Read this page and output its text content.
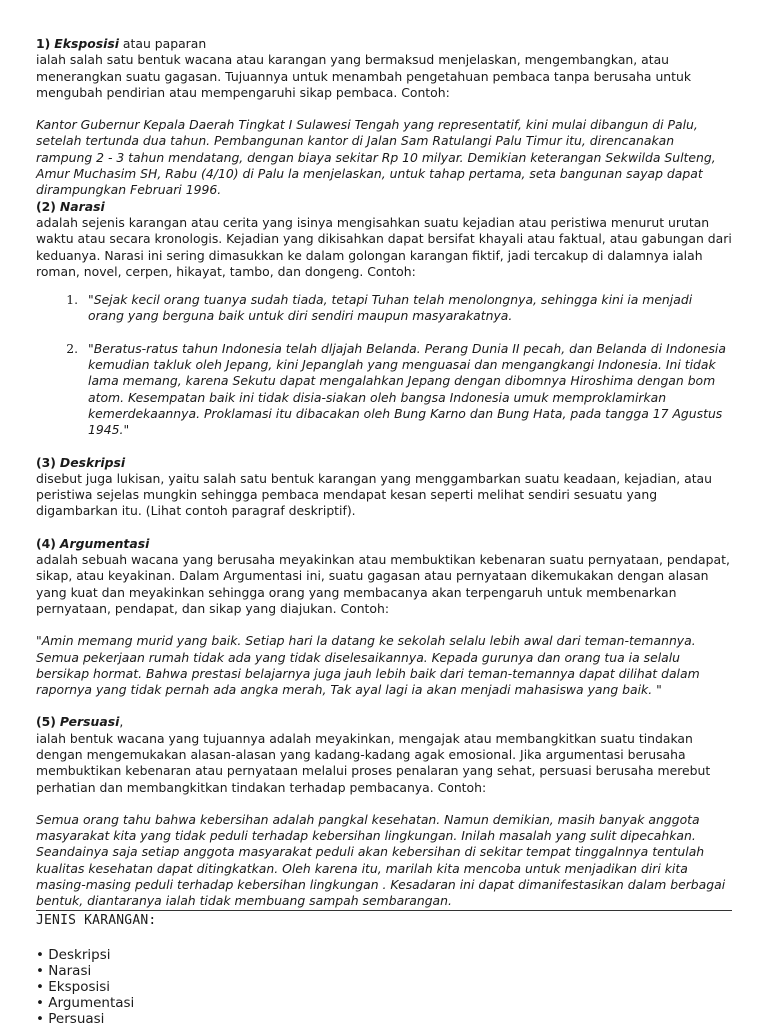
1) Eksposisi atau paparan

ialah salah satu bentuk wacana atau karangan yang bermaksud menjelaskan, mengembangkan, atau menerangkan suatu gagasan. Tujuannya untuk menambah pengetahuan pembaca tanpa berusaha untuk mengubah pendirian atau mempengaruhi sikap pembaca. Contoh:

Kantor Gubernur Kepala Daerah Tingkat I Sulawesi Tengah yang representatif, kini mulai dibangun di Palu, setelah tertunda dua tahun. Pembangunan kantor di Jalan Sam Ratulangi Palu Timur itu, direncanakan rampung 2 - 3 tahun mendatang, dengan biaya sekitar Rp 10 milyar. Demikian keterangan Sekwilda Sulteng, Amur Muchasim SH, Rabu (4/10) di Palu la menjelaskan, untuk tahap pertama, seta bangunan sayap dapat dirampungkan Februari 1996.

(2) Narasi

adalah sejenis karangan atau cerita yang isinya mengisahkan suatu kejadian atau peristiwa menurut urutan waktu atau secara kronologis. Kejadian yang dikisahkan dapat bersifat khayali atau faktual, atau gabungan dari keduanya. Narasi ini sering dimasukkan ke dalam golongan karangan fiktif, jadi tercakup di dalamnya ialah roman, novel, cerpen, hikayat, tambo, dan dongeng. Contoh:

1. "Sejak kecil orang tuanya sudah tiada, tetapi Tuhan telah menolongnya, sehingga kini ia menjadi orang yang berguna baik untuk diri sendiri maupun masyarakatnya.
2. "Beratus-ratus tahun Indonesia telah dljajah Belanda. Perang Dunia II pecah, dan Belanda di Indonesia kemudian takluk oleh Jepang, kini Jepanglah yang menguasai dan mengangkangi Indonesia. Ini tidak lama memang, karena Sekutu dapat mengalahkan Jepang dengan dibomnya Hiroshima dengan bom atom. Kesempatan baik ini tidak disia-siakan oleh bangsa Indonesia umuk memproklamirkan kemerdekaannya. Proklamasi itu dibacakan oleh Bung Karno dan Bung Hata, pada tangga 17 Agustus 1945."

(3) Deskripsi

disebut juga lukisan, yaitu salah satu bentuk karangan yang menggambarkan suatu keadaan, kejadian, atau peristiwa sejelas mungkin sehingga pembaca mendapat kesan seperti melihat sendiri sesuatu yang digambarkan itu. (Lihat contoh paragraf deskriptif).

(4) Argumentasi

adalah sebuah wacana yang berusaha meyakinkan atau membuktikan kebenaran suatu pernyataan, pendapat, sikap, atau keyakinan. Dalam Argumentasi ini, suatu gagasan atau pernyataan dikemukakan dengan alasan yang kuat dan meyakinkan sehingga orang yang membacanya akan terpengaruh untuk membenarkan pernyataan, pendapat, dan sikap yang diajukan. Contoh:

"Amin memang murid yang baik. Setiap hari la datang ke sekolah selalu lebih awal dari teman-temannya. Semua pekerjaan rumah tidak ada yang tidak diselesaikannya. Kepada gurunya dan orang tua ia selalu bersikap hormat. Bahwa prestasi belajarnya juga jauh lebih baik dari teman-temannya dapat dilihat dalam rapornya yang tidak pernah ada angka merah, Tak ayal lagi ia akan menjadi mahasiswa yang baik. "

(5) Persuasi,

ialah bentuk wacana yang tujuannya adalah meyakinkan, mengajak atau membangkitkan suatu tindakan dengan mengemukakan alasan-alasan yang kadang-kadang agak emosional. Jika argumentasi berusaha membuktikan kebenaran atau pernyataan melalui proses penalaran yang sehat, persuasi berusaha merebut perhatian dan membangkitkan tindakan terhadap pembacanya. Contoh:

Semua orang tahu bahwa kebersihan adalah pangkal kesehatan. Namun demikian, masih banyak anggota masyarakat kita yang tidak peduli terhadap kebersihan lingkungan. Inilah masalah yang sulit dipecahkan. Seandainya saja setiap anggota masyarakat peduli akan kebersihan di sekitar tempat tinggalnnya tentulah kualitas kesehatan dapat ditingkatkan. Oleh karena itu, marilah kita mencoba untuk menjadikan diri kita masing-masing peduli terhadap kebersihan lingkungan . Kesadaran ini dapat dimanifestasikan dalam berbagai bentuk, diantaranya ialah tidak membuang sampah sembarangan.

JENIS KARANGAN:

• Deskripsi
• Narasi
• Eksposisi
• Argumentasi
• Persuasi
